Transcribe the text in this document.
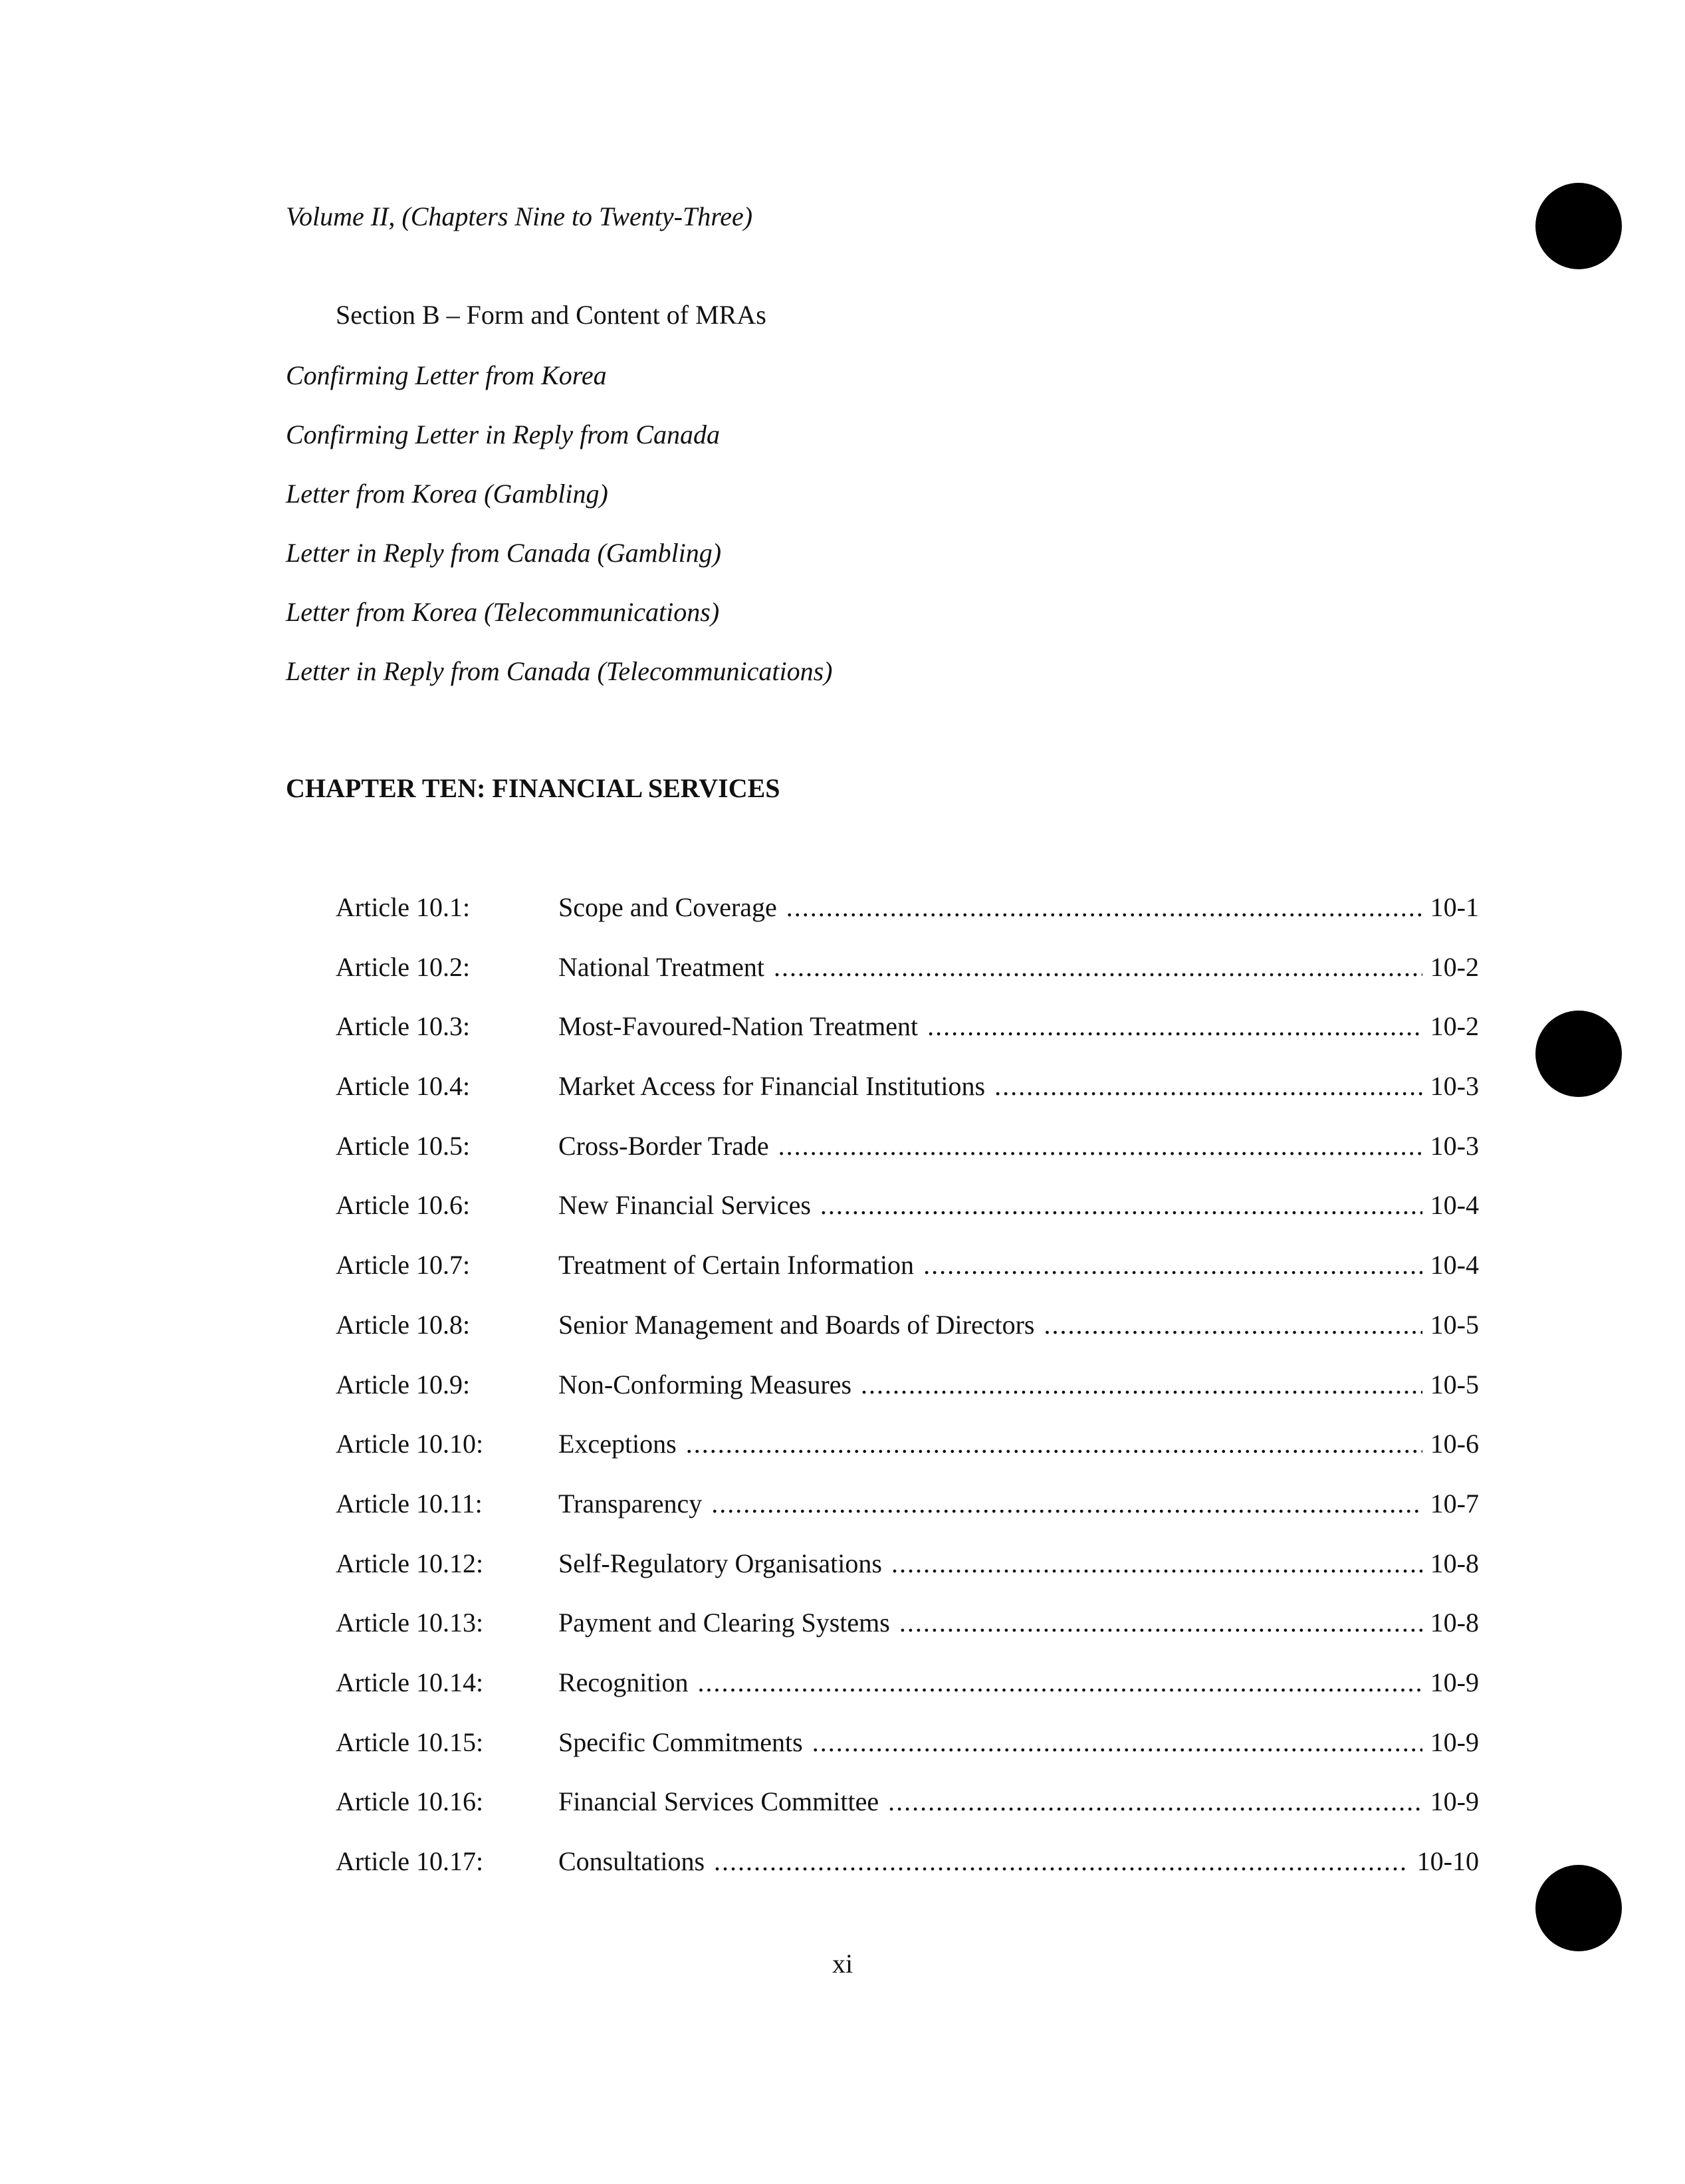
Volume II, (Chapters Nine to Twenty-Three)
Section B – Form and Content of MRAs
Confirming Letter from Korea
Confirming Letter in Reply from Canada
Letter from Korea (Gambling)
Letter in Reply from Canada (Gambling)
Letter from Korea (Telecommunications)
Letter in Reply from Canada (Telecommunications)
CHAPTER TEN: FINANCIAL SERVICES
Article 10.1:	Scope and Coverage .....	10-1
Article 10.2:	National Treatment .....	10-2
Article 10.3:	Most-Favoured-Nation Treatment .....	10-2
Article 10.4:	Market Access for Financial Institutions .....	10-3
Article 10.5:	Cross-Border Trade .....	10-3
Article 10.6:	New Financial Services .....	10-4
Article 10.7:	Treatment of Certain Information .....	10-4
Article 10.8:	Senior Management and Boards of Directors .....	10-5
Article 10.9:	Non-Conforming Measures .....	10-5
Article 10.10:	Exceptions .....	10-6
Article 10.11:	Transparency .....	10-7
Article 10.12:	Self-Regulatory Organisations .....	10-8
Article 10.13:	Payment and Clearing Systems .....	10-8
Article 10.14:	Recognition .....	10-9
Article 10.15:	Specific Commitments .....	10-9
Article 10.16:	Financial Services Committee .....	10-9
Article 10.17:	Consultations .....	10-10
xi
